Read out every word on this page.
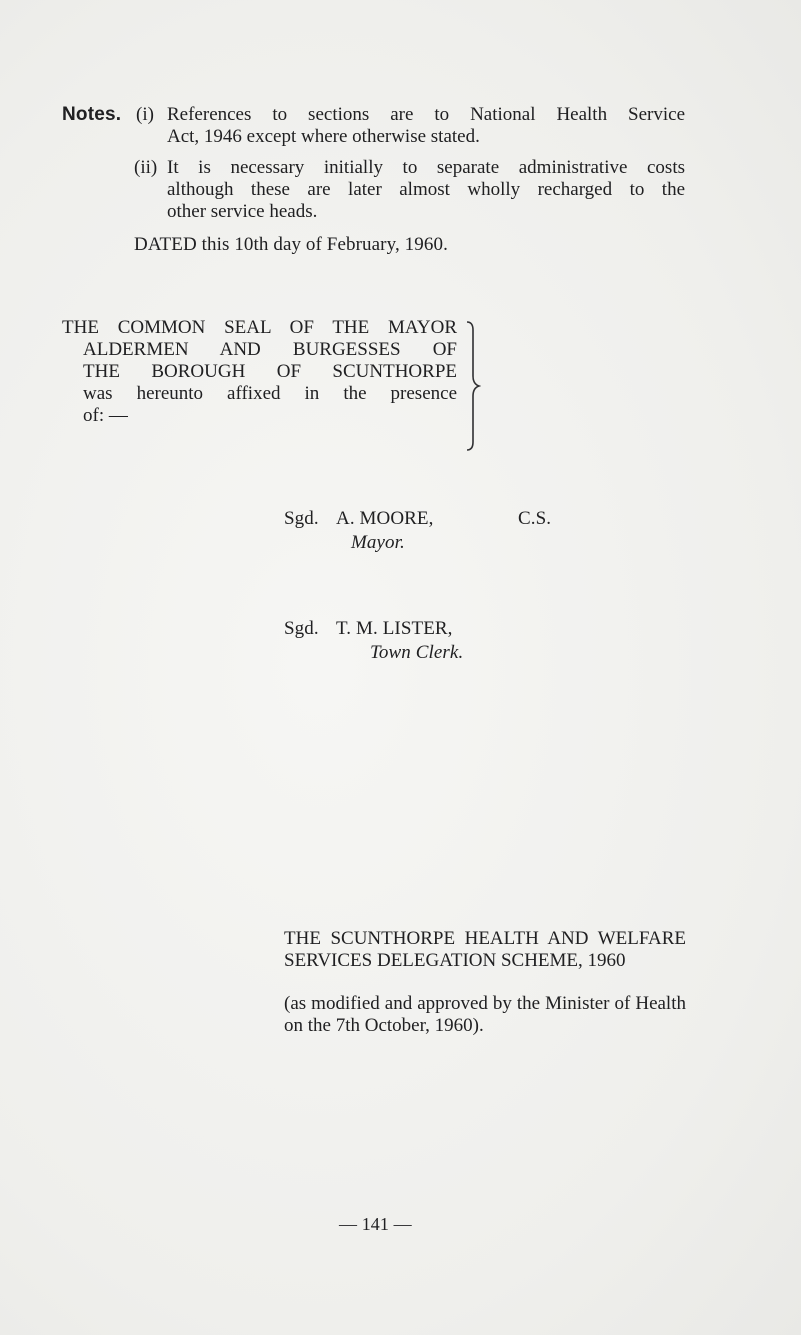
Notes. (i) References to sections are to National Health Service
Act, 1946 except where otherwise stated.
(ii) It is necessary initially to separate administrative costs
although these are later almost wholly recharged to the
other service heads.
DATED this 10th day of February, 1960.
THE COMMON SEAL OF THE MAYOR
ALDERMEN AND BURGESSES OF
THE BOROUGH OF SCUNTHORPE
was hereunto affixed in the presence
of: —
Sgd. A. MOORE,	C.S.
Mayor.
Sgd. T. M. LISTER,
Town Clerk.
THE SCUNTHORPE HEALTH AND WELFARE
SERVICES DELEGATION SCHEME, 1960
(as modified and approved by the Minister of Health
on the 7th October, 1960).
— 141 —
